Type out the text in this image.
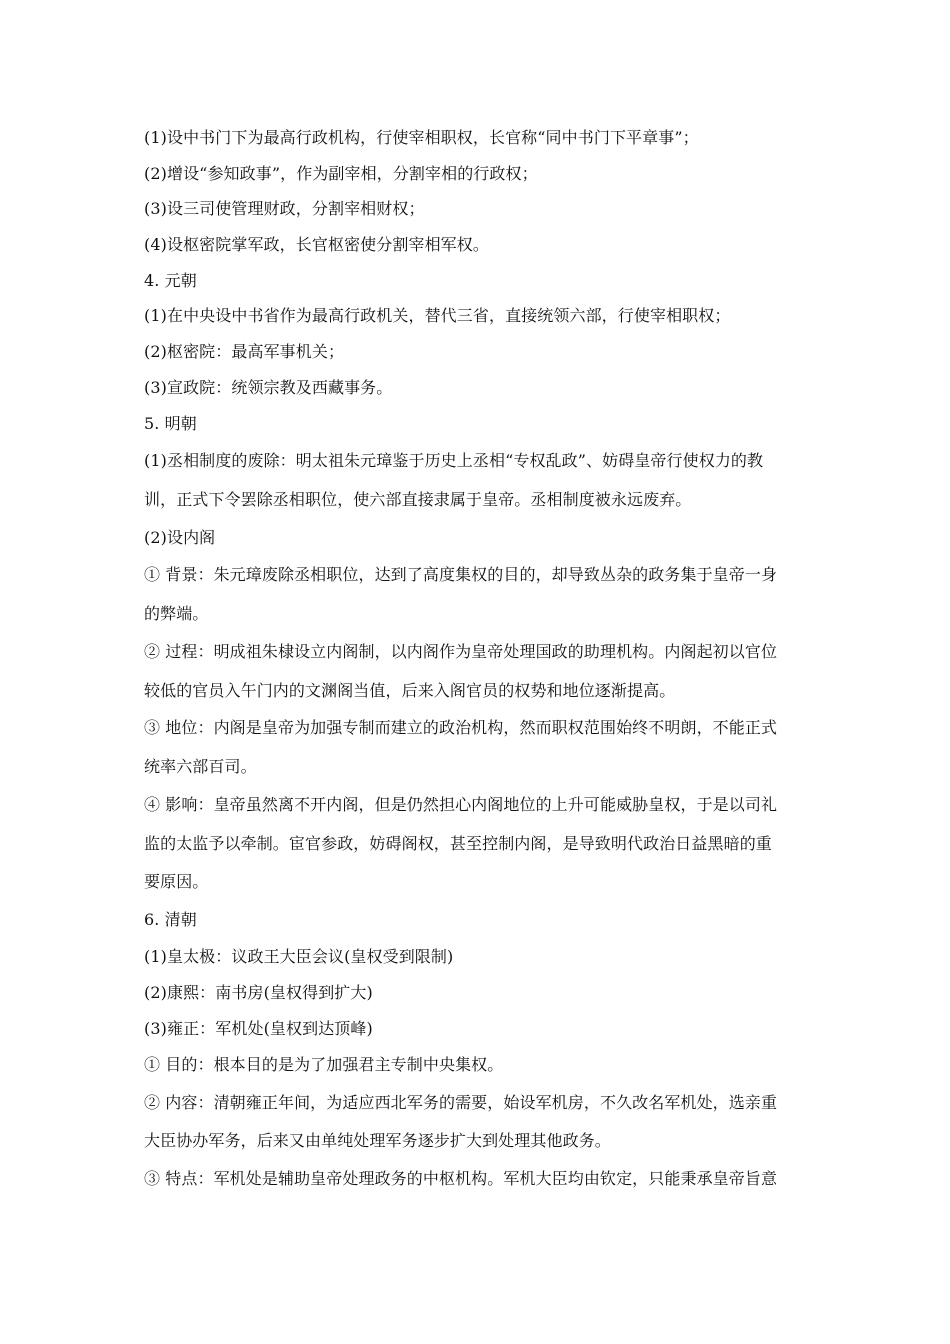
(1)设中书门下为最高行政机构，行使宰相职权，长官称“同中书门下平章事”；
(2)增设“参知政事”，作为副宰相，分割宰相的行政权；
(3)设三司使管理财政，分割宰相财权；
(4)设枢密院掌军政，长官枢密使分割宰相军权。
4. 元朝
(1)在中央设中书省作为最高行政机关，替代三省，直接统领六部，行使宰相职权；
(2)枢密院：最高军事机关；
(3)宣政院：统领宗教及西藏事务。
5. 明朝
(1)丞相制度的废除：明太祖朱元璋鉴于历史上丞相“专权乱政”、妨碍皇帝行使权力的教
训，正式下令罢除丞相职位，使六部直接隶属于皇帝。丞相制度被永远废弃。
(2)设内阁
① 背景：朱元璋废除丞相职位，达到了高度集权的目的，却导致丛杂的政务集于皇帝一身
的弊端。
② 过程：明成祖朱棣设立内阁制，以内阁作为皇帝处理国政的助理机构。内阁起初以官位
较低的官员入午门内的文渊阁当值，后来入阁官员的权势和地位逐渐提高。
③ 地位：内阁是皇帝为加强专制而建立的政治机构，然而职权范围始终不明朗，不能正式
统率六部百司。
④ 影响：皇帝虽然离不开内阁，但是仍然担心内阁地位的上升可能威胁皇权，于是以司礼
监的太监予以牵制。宦官参政，妨碍阁权，甚至控制内阁，是导致明代政治日益黑暗的重
要原因。
6. 清朝
(1)皇太极：议政王大臣会议(皇权受到限制)
(2)康熙：南书房(皇权得到扩大)
(3)雍正：军机处(皇权到达顶峰)
① 目的：根本目的是为了加强君主专制中央集权。
② 内容：清朝雍正年间，为适应西北军务的需要，始设军机房，不久改名军机处，选亲重
大臣协办军务，后来又由单纯处理军务逐步扩大到处理其他政务。
③ 特点：军机处是辅助皇帝处理政务的中枢机构。军机大臣均由钦定，只能秉承皇帝旨意
